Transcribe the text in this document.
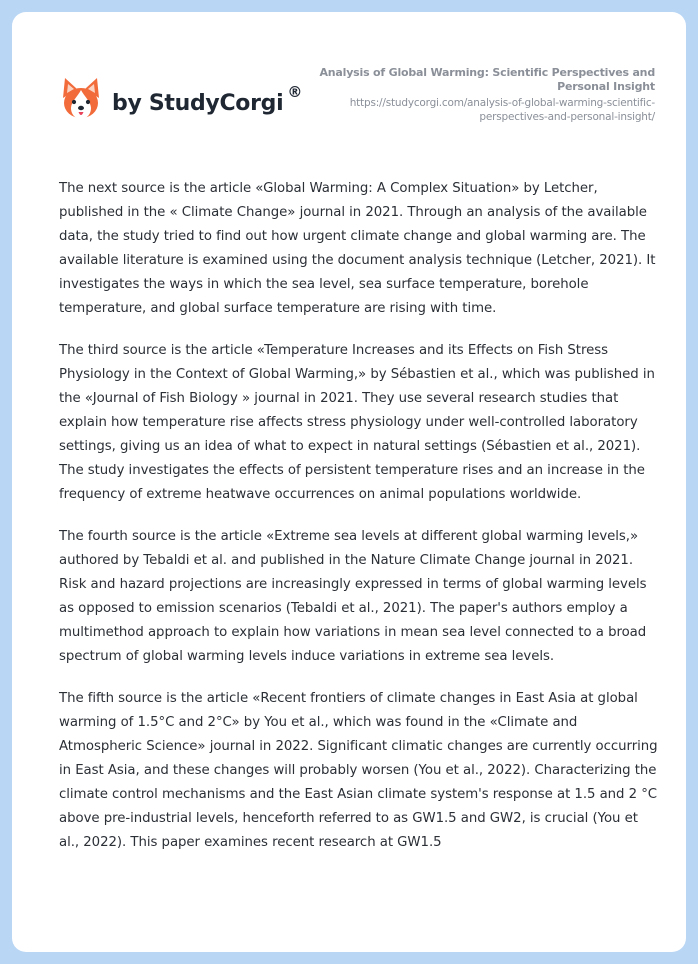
by StudyCorgi ®
Analysis of Global Warming: Scientific Perspectives and Personal Insight
https://studycorgi.com/analysis-of-global-warming-scientific-perspectives-and-personal-insight/

The next source is the article «Global Warming: A Complex Situation» by Letcher, published in the « Climate Change» journal in 2021. Through an analysis of the available data, the study tried to find out how urgent climate change and global warming are. The available literature is examined using the document analysis technique (Letcher, 2021). It investigates the ways in which the sea level, sea surface temperature, borehole temperature, and global surface temperature are rising with time.

The third source is the article «Temperature Increases and its Effects on Fish Stress Physiology in the Context of Global Warming,» by Sébastien et al., which was published in the «Journal of Fish Biology » journal in 2021. They use several research studies that explain how temperature rise affects stress physiology under well-controlled laboratory settings, giving us an idea of what to expect in natural settings (Sébastien et al., 2021). The study investigates the effects of persistent temperature rises and an increase in the frequency of extreme heatwave occurrences on animal populations worldwide.

The fourth source is the article «Extreme sea levels at different global warming levels,» authored by Tebaldi et al. and published in the Nature Climate Change journal in 2021. Risk and hazard projections are increasingly expressed in terms of global warming levels as opposed to emission scenarios (Tebaldi et al., 2021). The paper's authors employ a multimethod approach to explain how variations in mean sea level connected to a broad spectrum of global warming levels induce variations in extreme sea levels.

The fifth source is the article «Recent frontiers of climate changes in East Asia at global warming of 1.5°C and 2°C» by You et al., which was found in the «Climate and Atmospheric Science» journal in 2022. Significant climatic changes are currently occurring in East Asia, and these changes will probably worsen (You et al., 2022). Characterizing the climate control mechanisms and the East Asian climate system's response at 1.5 and 2 °C above pre-industrial levels, henceforth referred to as GW1.5 and GW2, is crucial (You et al., 2022). This paper examines recent research at GW1.5
